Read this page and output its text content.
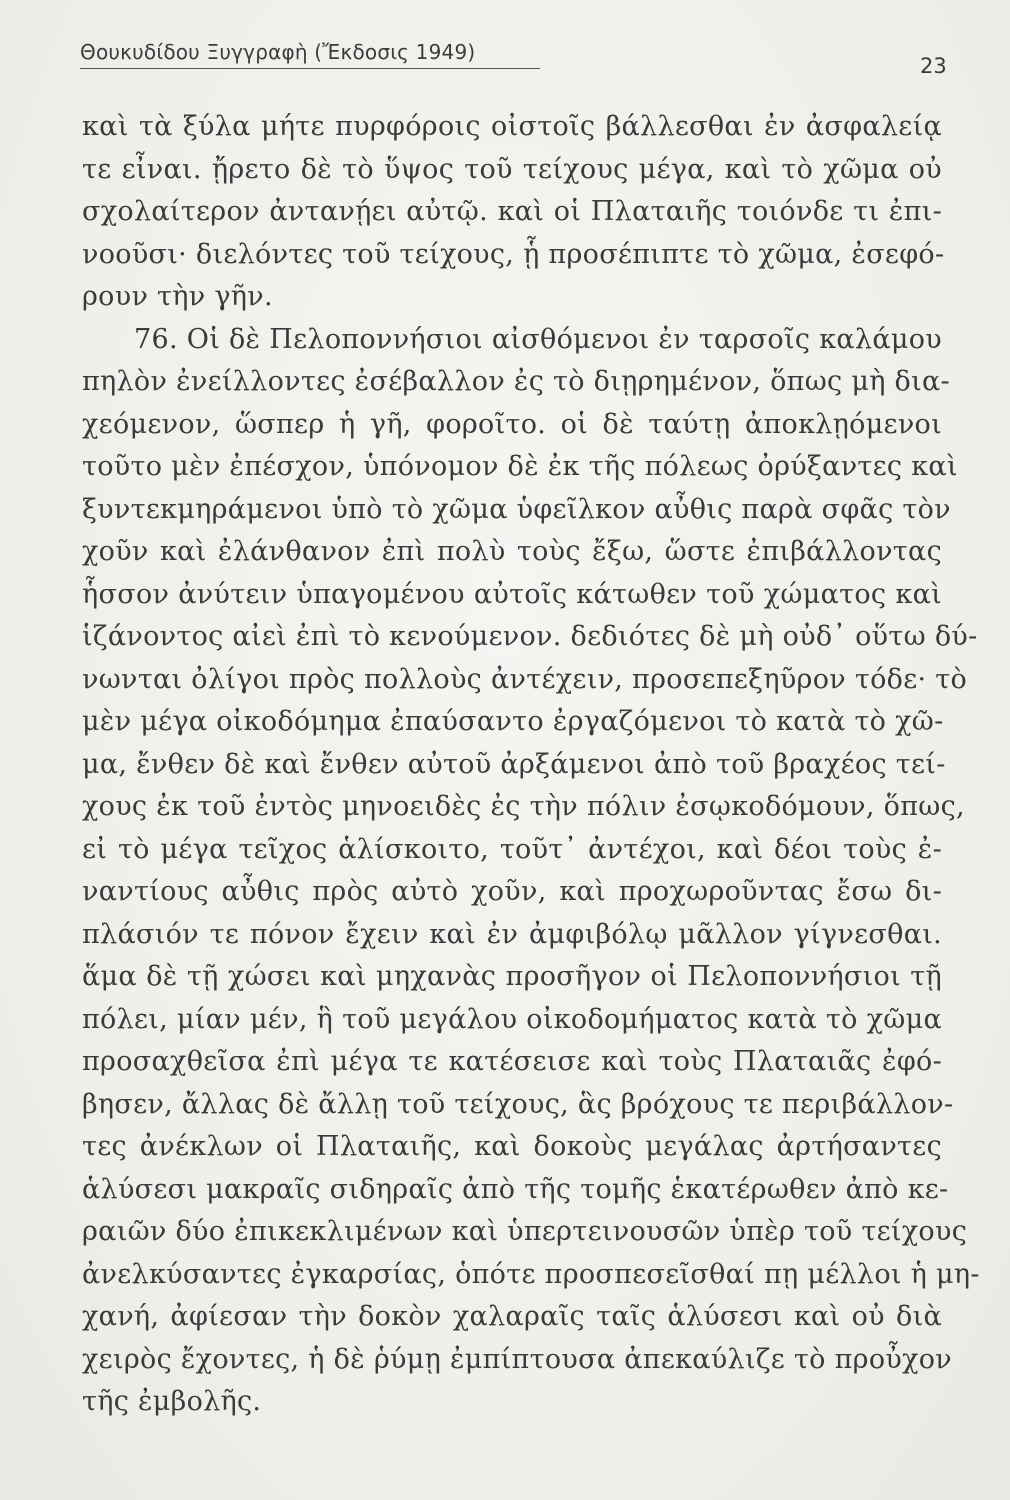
Θουκυδίδου Ξυγγραφὴ (Ἔκδοσις 1949)
23
καὶ τὰ ξύλα μήτε πυρφόροις οἰστοῖς βάλλεσθαι ἐν ἀσφαλείᾳ
τε εἶναι. ᾔρετο δὲ τὸ ὕψος τοῦ τείχους μέγα, καὶ τὸ χῶμα οὐ
σχολαίτερον ἀντανῄει αὐτῷ. καὶ οἱ Πλαταιῆς τοιόνδε τι ἐπι-
νοοῦσι· διελόντες τοῦ τείχους, ᾗ προσέπιπτε τὸ χῶμα, ἐσεφό-
ρουν τὴν γῆν.
76. Οἱ δὲ Πελοποννήσιοι αἰσθόμενοι ἐν ταρσοῖς καλάμου
πηλὸν ἐνείλλοντες ἐσέβαλλον ἐς τὸ διῃρημένον, ὅπως μὴ δια-
χεόμενον, ὥσπερ ἡ γῆ, φοροῖτο. οἱ δὲ ταύτῃ ἀποκλῃόμενοι
τοῦτο μὲν ἐπέσχον, ὑπόνομον δὲ ἐκ τῆς πόλεως ὀρύξαντες καὶ
ξυντεκμηράμενοι ὑπὸ τὸ χῶμα ὑφεῖλκον αὖθις παρὰ σφᾶς τὸν
χοῦν καὶ ἐλάνθανον ἐπὶ πολὺ τοὺς ἔξω, ὥστε ἐπιβάλλοντας
ἧσσον ἀνύτειν ὑπαγομένου αὐτοῖς κάτωθεν τοῦ χώματος καὶ
ἱζάνοντος αἰεὶ ἐπὶ τὸ κενούμενον. δεδιότες δὲ μὴ οὐδ᾽ οὕτω δύ-
νωνται ὀλίγοι πρὸς πολλοὺς ἀντέχειν, προσεπεξηῦρον τόδε· τὸ
μὲν μέγα οἰκοδόμημα ἐπαύσαντο ἐργαζόμενοι τὸ κατὰ τὸ χῶ-
μα, ἔνθεν δὲ καὶ ἔνθεν αὐτοῦ ἀρξάμενοι ἀπὸ τοῦ βραχέος τεί-
χους ἐκ τοῦ ἐντὸς μηνοειδὲς ἐς τὴν πόλιν ἐσῳκοδόμουν, ὅπως,
εἰ τὸ μέγα τεῖχος ἁλίσκοιτο, τοῦτ᾽ ἀντέχοι, καὶ δέοι τοὺς ἐ-
ναντίους αὖθις πρὸς αὐτὸ χοῦν, καὶ προχωροῦντας ἔσω δι-
πλάσιόν τε πόνον ἔχειν καὶ ἐν ἀμφιβόλῳ μᾶλλον γίγνεσθαι.
ἅμα δὲ τῇ χώσει καὶ μηχανὰς προσῆγον οἱ Πελοποννήσιοι τῇ
πόλει, μίαν μέν, ἣ τοῦ μεγάλου οἰκοδομήματος κατὰ τὸ χῶμα
προσαχθεῖσα ἐπὶ μέγα τε κατέσεισε καὶ τοὺς Πλαταιᾶς ἐφό-
βησεν, ἄλλας δὲ ἄλλῃ τοῦ τείχους, ἃς βρόχους τε περιβάλλον-
τες ἀνέκλων οἱ Πλαταιῆς, καὶ δοκοὺς μεγάλας ἀρτήσαντες
ἁλύσεσι μακραῖς σιδηραῖς ἀπὸ τῆς τομῆς ἑκατέρωθεν ἀπὸ κε-
ραιῶν δύο ἐπικεκλιμένων καὶ ὑπερτεινουσῶν ὑπὲρ τοῦ τείχους
ἀνελκύσαντες ἐγκαρσίας, ὁπότε προσπεσεῖσθαί πῃ μέλλοι ἡ μη-
χανή, ἀφίεσαν τὴν δοκὸν χαλαραῖς ταῖς ἁλύσεσι καὶ οὐ διὰ
χειρὸς ἔχοντες, ἡ δὲ ῥύμῃ ἐμπίπτουσα ἀπεκαύλιζε τὸ προὖχον
τῆς ἐμβολῆς.
